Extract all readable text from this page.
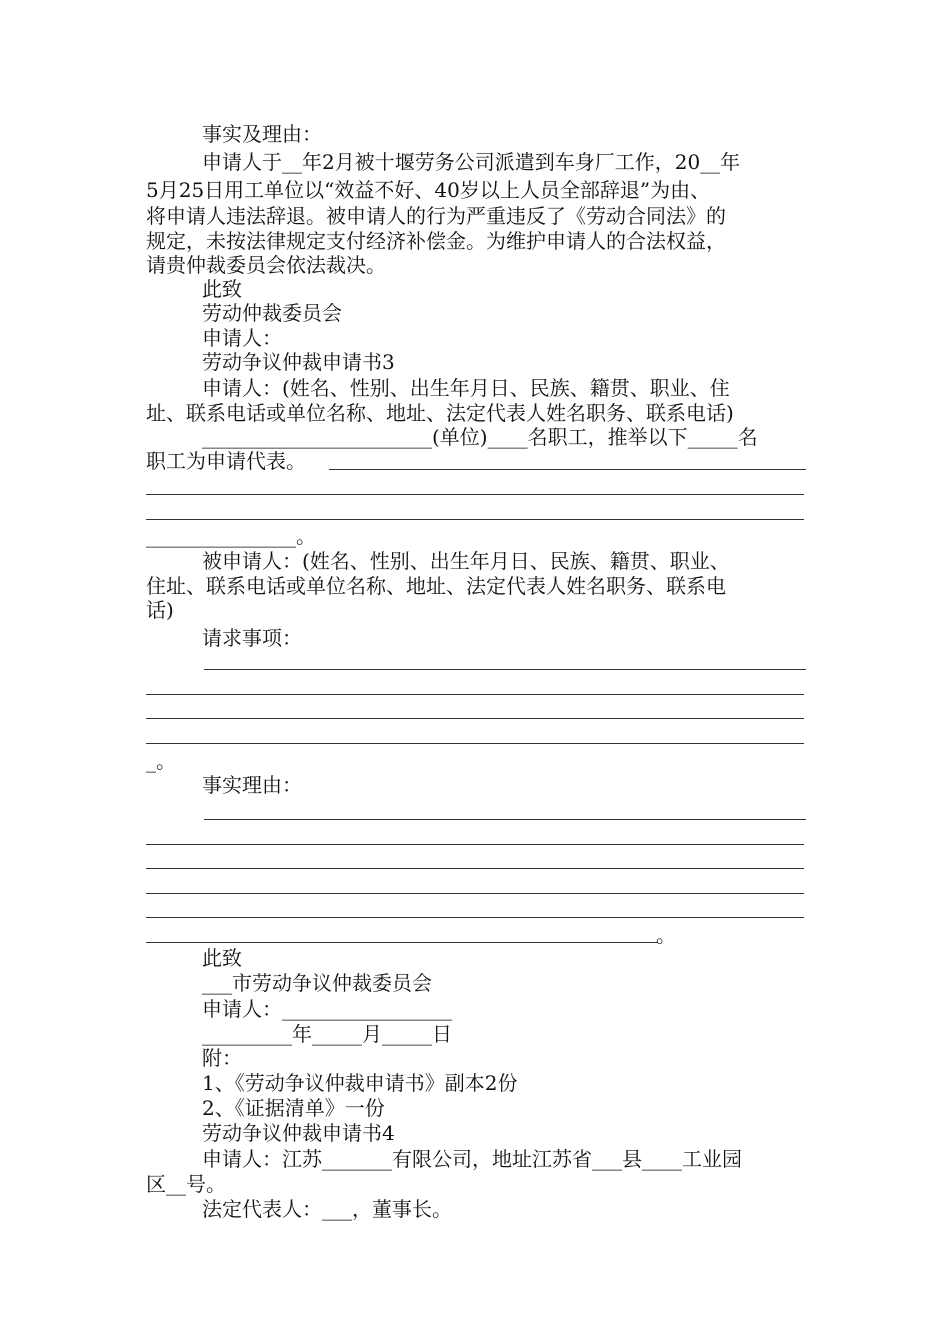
事实及理由：
申请人于__年2月被十堰劳务公司派遣到车身厂工作，20__年
5月25日用工单位以“效益不好、40岁以上人员全部辞退”为由、
将申请人违法辞退。被申请人的行为严重违反了《劳动合同法》的
规定，未按法律规定支付经济补偿金。为维护申请人的合法权益，
请贵仲裁委员会依法裁决。
此致
劳动仲裁委员会
申请人：
劳动争议仲裁申请书3
申请人：(姓名、性别、出生年月日、民族、籍贯、职业、住
址、联系电话或单位名称、地址、法定代表人姓名职务、联系电话)
_______________________(单位)____名职工，推举以下_____名
职工为申请代表。
_______________。
被申请人：(姓名、性别、出生年月日、民族、籍贯、职业、
住址、联系电话或单位名称、地址、法定代表人姓名职务、联系电
话)
请求事项：
_。
事实理由：
。
此致
___市劳动争议仲裁委员会
申请人：_________________
_________年_____月_____日
附：
1、《劳动争议仲裁申请书》副本2份
2、《证据清单》一份
劳动争议仲裁申请书4
申请人：江苏_______有限公司，地址江苏省___县____工业园
区__号。
法定代表人：___，董事长。
